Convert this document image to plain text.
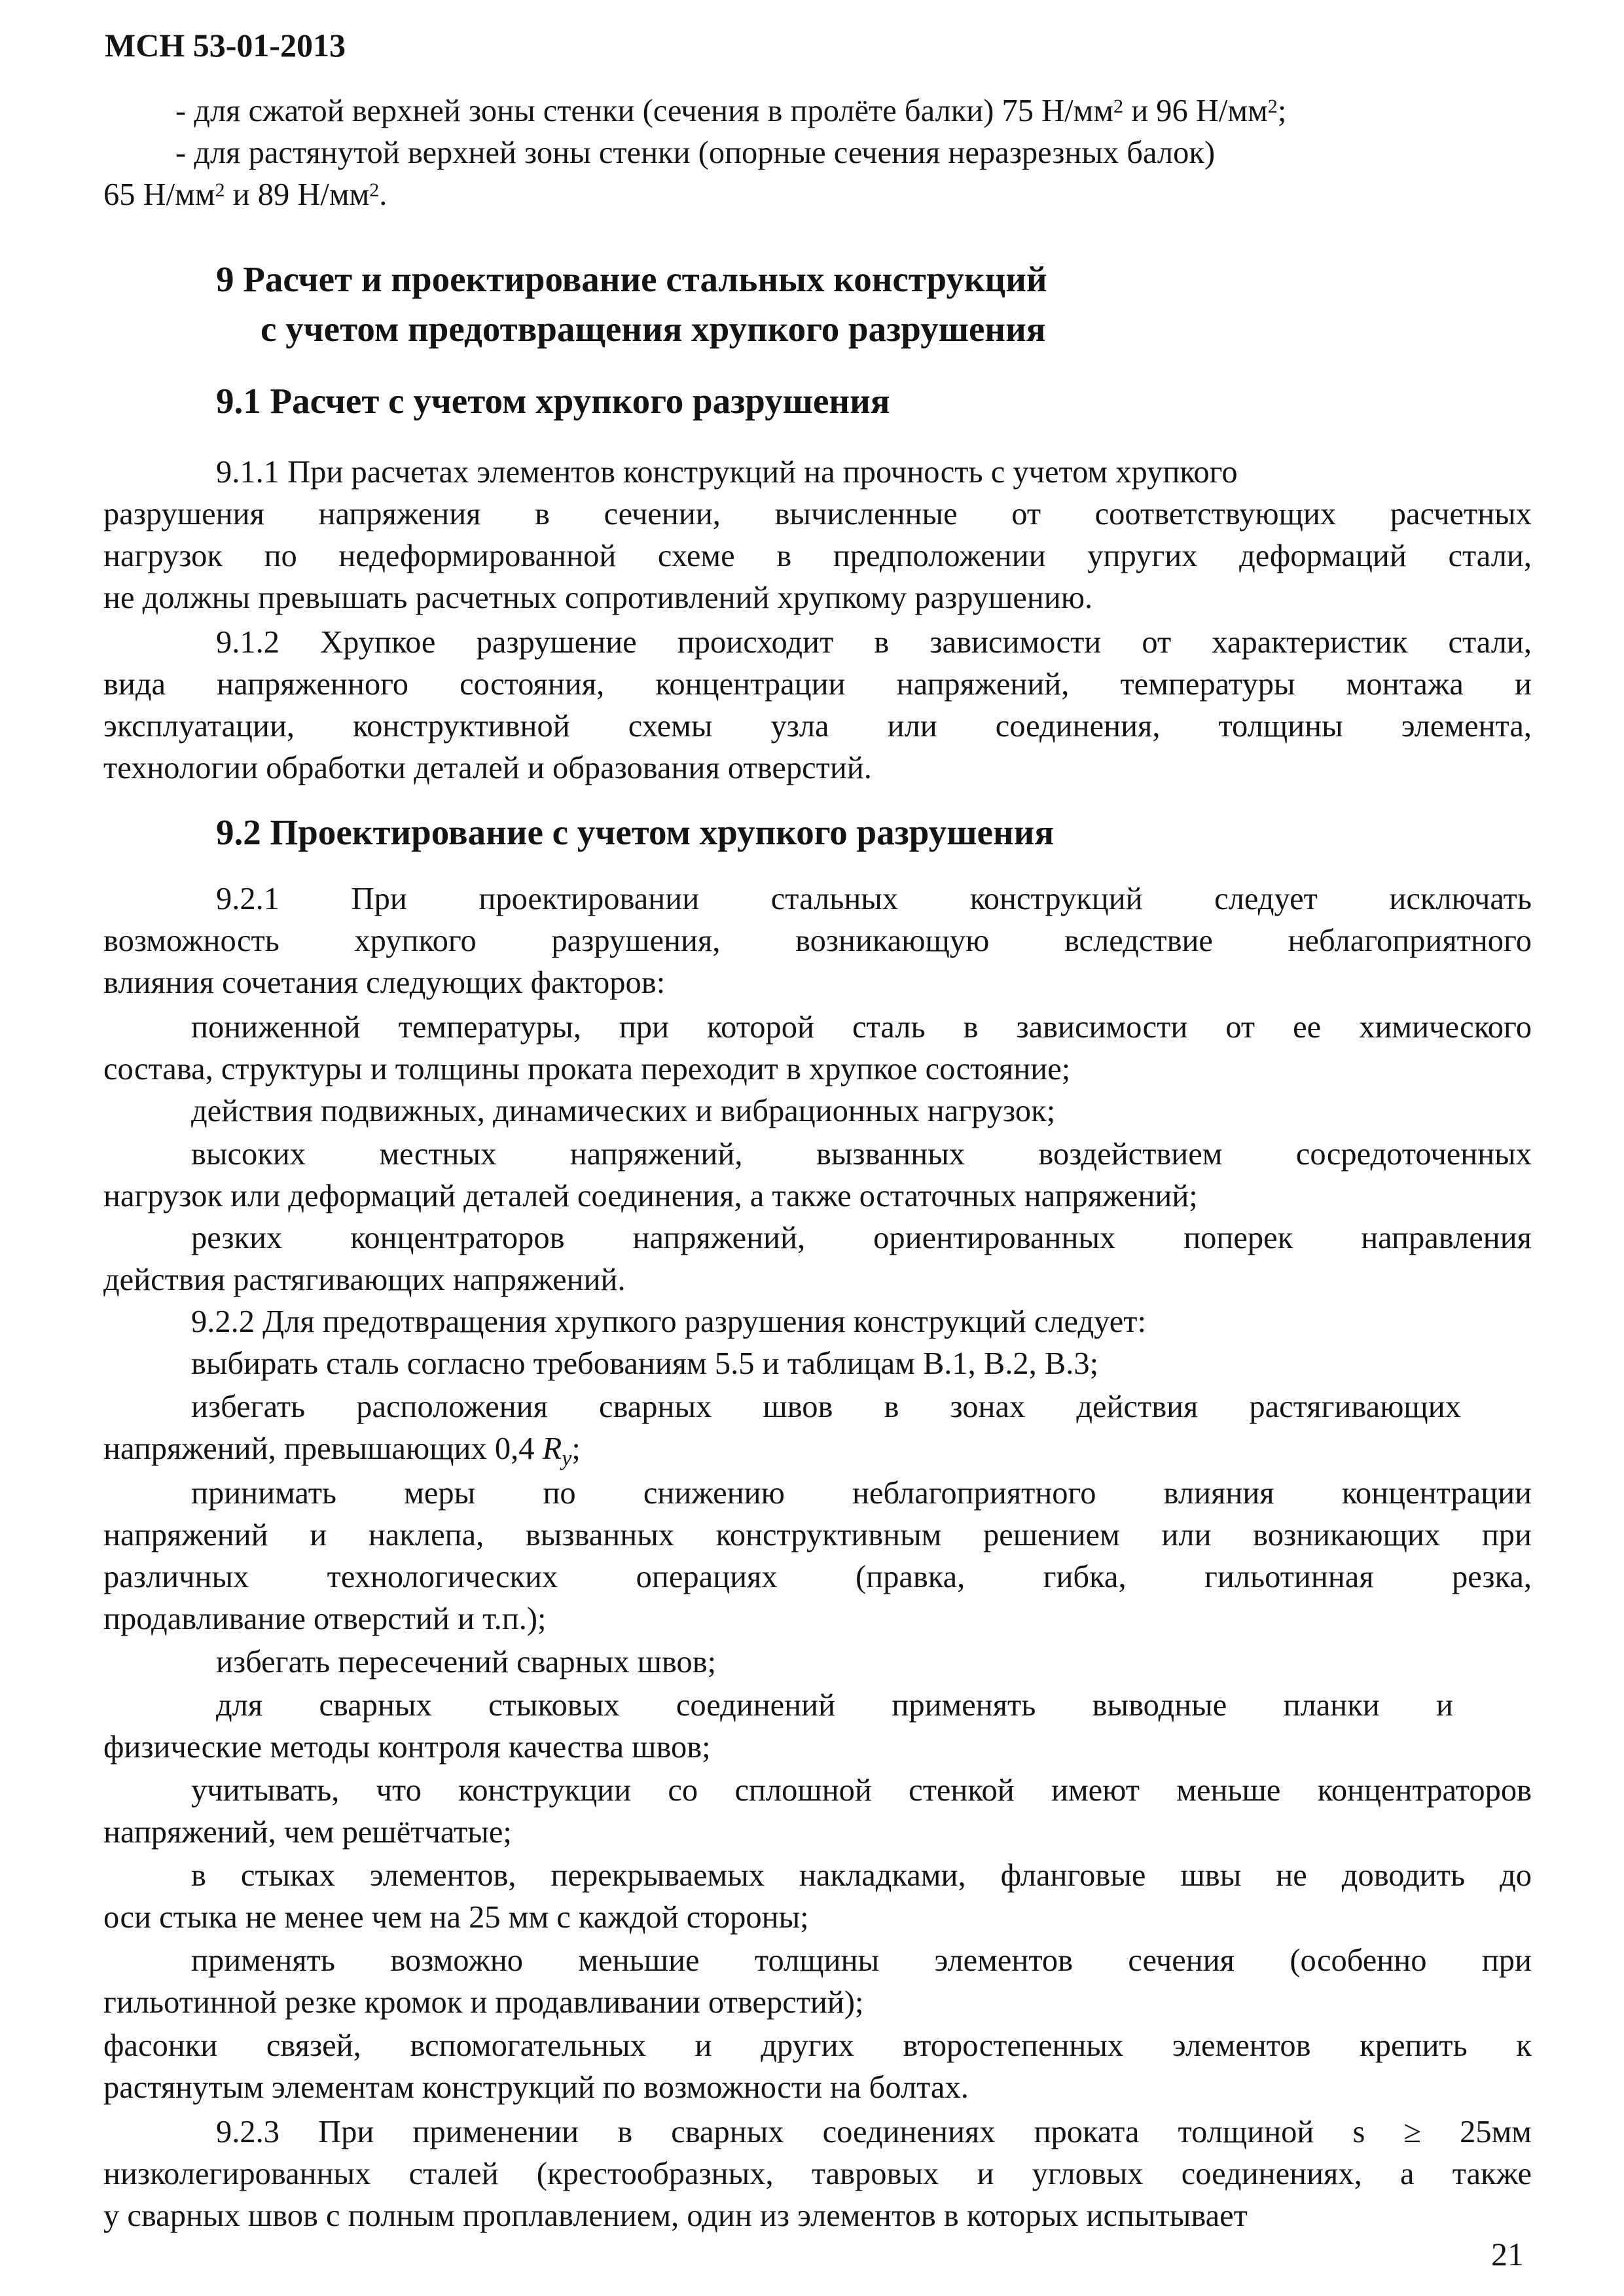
МСН 53-01-2013
- для сжатой верхней зоны стенки (сечения в пролёте балки) 75 $Н/мм^2$ и 96 $Н/мм^2$;
- для растянутой верхней зоны стенки (опорные сечения неразрезных балок)
65 $Н/мм^2$ и 89 $Н/мм^2$.
9 Расчет и проектирование стальных конструкций
с учетом предотвращения хрупкого разрушения
9.1 Расчет с учетом хрупкого разрушения
9.1.1 При расчетах элементов конструкций на прочность с учетом хрупкого
разрушения напряжения в сечении, вычисленные от соответствующих расчетных
нагрузок по недеформированной схеме в предположении упругих деформаций стали,
не должны превышать расчетных сопротивлений хрупкому разрушению.
9.1.2 Хрупкое разрушение происходит в зависимости от характеристик стали,
вида напряженного состояния, концентрации напряжений, температуры монтажа и
эксплуатации, конструктивной схемы узла или соединения, толщины элемента,
технологии обработки деталей и образования отверстий.
9.2 Проектирование с учетом хрупкого разрушения
9.2.1 При проектировании стальных конструкций следует исключать
возможность хрупкого разрушения, возникающую вследствие неблагоприятного
влияния сочетания следующих факторов:
пониженной температуры, при которой сталь в зависимости от ее химического
состава, структуры и толщины проката переходит в хрупкое состояние;
действия подвижных, динамических и вибрационных нагрузок;
высоких местных напряжений, вызванных воздействием сосредоточенных
нагрузок или деформаций деталей соединения, а также остаточных напряжений;
резких концентраторов напряжений, ориентированных поперек направления
действия растягивающих напряжений.
9.2.2 Для предотвращения хрупкого разрушения конструкций следует:
выбирать сталь согласно требованиям 5.5 и таблицам В.1, В.2, В.3;
избегать расположения сварных швов в зонах действия растягивающих
напряжений, превышающих 0,4 $R_y$;
принимать меры по снижению неблагоприятного влияния концентрации
напряжений и наклепа, вызванных конструктивным решением или возникающих при
различных технологических операциях (правка, гибка, гильотинная резка,
продавливание отверстий и т.п.);
избегать пересечений сварных швов;
для сварных стыковых соединений применять выводные планки и
физические методы контроля качества швов;
учитывать, что конструкции со сплошной стенкой имеют меньше концентраторов
напряжений, чем решётчатые;
в стыках элементов, перекрываемых накладками, фланговые швы не доводить до
оси стыка не менее чем на 25 мм с каждой стороны;
применять возможно меньшие толщины элементов сечения (особенно при
гильотинной резке кромок и продавливании отверстий);
фасонки связей, вспомогательных и других второстепенных элементов крепить к
растянутым элементам конструкций по возможности на болтах.
9.2.3 При применении в сварных соединениях проката толщиной s ≥ 25мм
низколегированных сталей (крестообразных, тавровых и угловых соединениях, а также
у сварных швов с полным проплавлением, один из элементов в которых испытывает
21
